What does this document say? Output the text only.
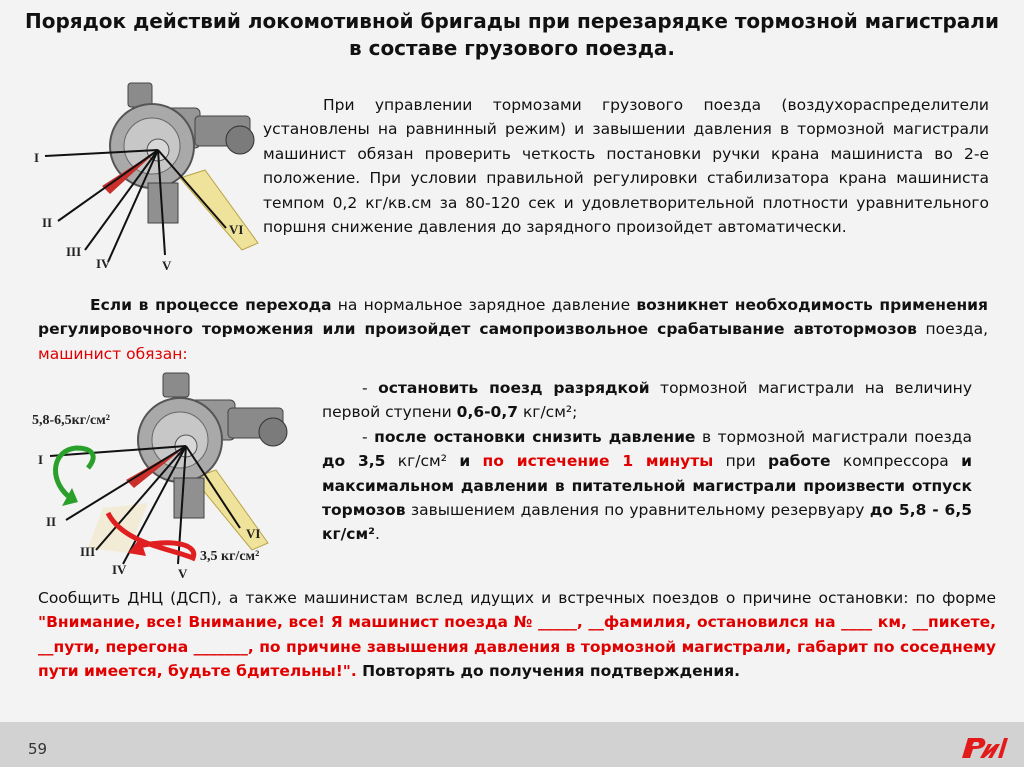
Порядок действий локомотивной бригады при перезарядке тормозной магистрали в составе грузового поезда.
I
II
III
IV	V
VI
При управлении тормозами грузового поезда (воздухораспределители установлены на равнинный режим) и завышении давления в тормозной магистрали машинист обязан проверить четкость постановки ручки крана машиниста во 2-е положение. При условии правильной регулировки стабилизатора крана машиниста темпом 0,2 кг/кв.см за 80-120 сек и удовлетворительной плотности уравнительного поршня снижение давления до зарядного произойдет автоматически.
Если в процессе перехода на нормальное зарядное давление возникнет необходимость применения регулировочного торможения или произойдет самопроизвольное срабатывание автотормозов поезда, машинист обязан:
I
II
III
IV	V
VI
5,8-6,5кг/см²
3,5 кг/см²
- остановить поезд разрядкой тормозной магистрали на величину первой ступени 0,6-0,7 кг/см²;
- после остановки снизить давление в тормозной магистрали поезда до 3,5 кг/см² и по истечение 1 минуты при работе компрессора и максимальном давлении в питательной магистрали произвести отпуск тормозов завышением давления по уравнительному резервуару до 5,8 - 6,5 кг/см².
Сообщить ДНЦ (ДСП), а также машинистам вслед идущих и встречных поездов о причине остановки: по форме "Внимание, все! Внимание, все! Я машинист поезда № _____, __фамилия, остановился на ____ км, __пикете, __пути, перегона _______, по причине завышения давления в тормозной магистрали, габарит по соседнему пути имеется, будьте бдительны!". Повторять до получения подтверждения.
59
